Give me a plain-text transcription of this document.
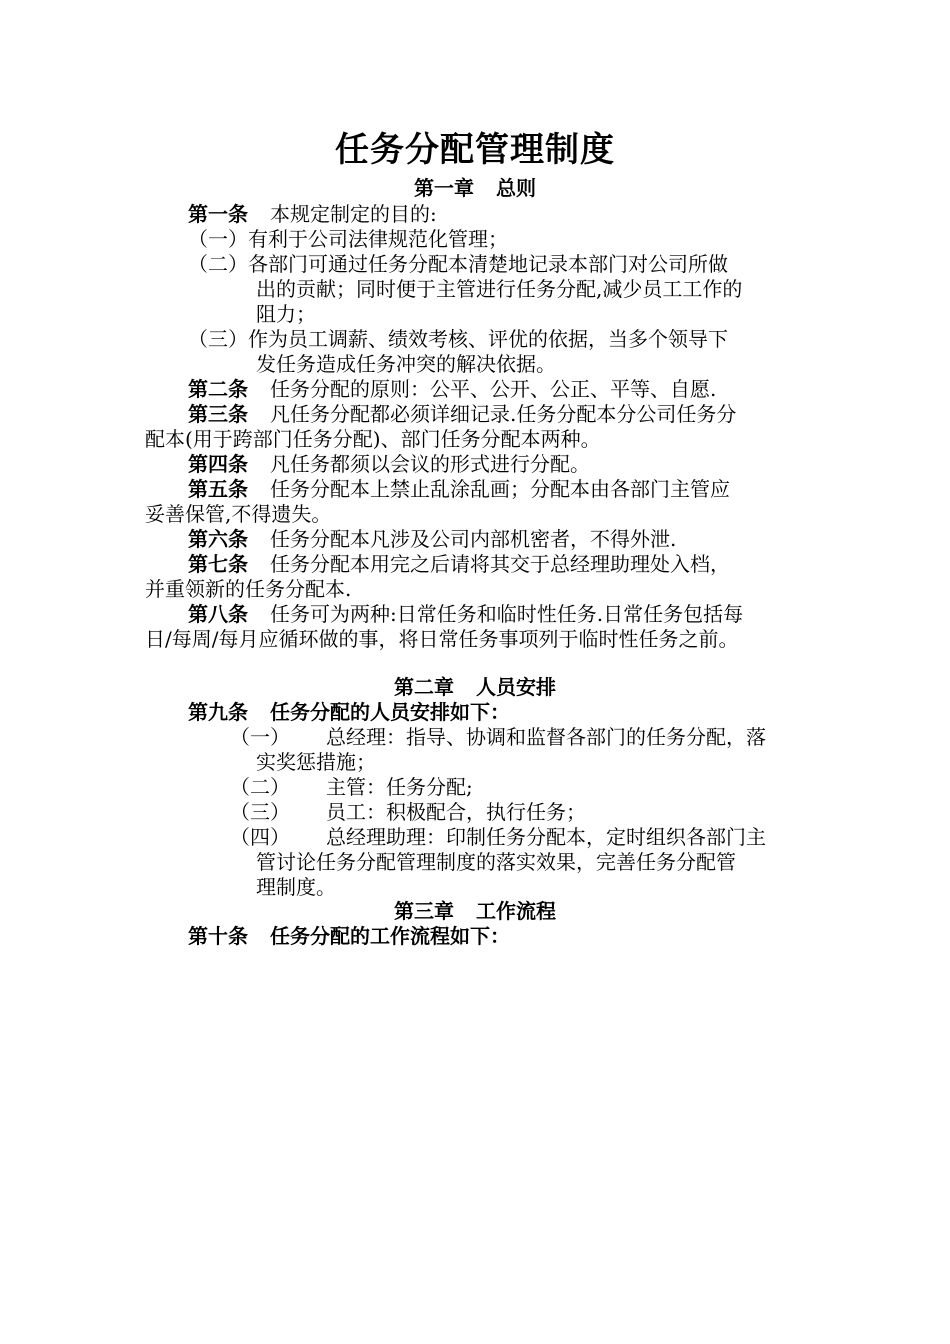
任务分配管理制度
第一章 总则
第一条 本规定制定的目的:
（一）有利于公司法律规范化管理；
（二）各部门可通过任务分配本清楚地记录本部门对公司所做
出的贡献；同时便于主管进行任务分配,减少员工工作的
阻力；
（三）作为员工调薪、绩效考核、评优的依据，当多个领导下
发任务造成任务冲突的解决依据。
第二条 任务分配的原则：公平、公开、公正、平等、自愿.
第三条 凡任务分配都必须详细记录.任务分配本分公司任务分
配本(用于跨部门任务分配)、部门任务分配本两种。
第四条 凡任务都须以会议的形式进行分配。
第五条 任务分配本上禁止乱涂乱画；分配本由各部门主管应
妥善保管,不得遗失。
第六条 任务分配本凡涉及公司内部机密者，不得外泄.
第七条 任务分配本用完之后请将其交于总经理助理处入档，
并重领新的任务分配本.
第八条 任务可为两种:日常任务和临时性任务.日常任务包括每
日/每周/每月应循环做的事，将日常任务事项列于临时性任务之前。
第二章 人员安排
第九条 任务分配的人员安排如下：
（一） 总经理：指导、协调和监督各部门的任务分配，落
实奖惩措施；
（二） 主管：任务分配;
（三） 员工：积极配合，执行任务；
（四） 总经理助理：印制任务分配本，定时组织各部门主
管讨论任务分配管理制度的落实效果，完善任务分配管
理制度。
第三章 工作流程
第十条 任务分配的工作流程如下：
